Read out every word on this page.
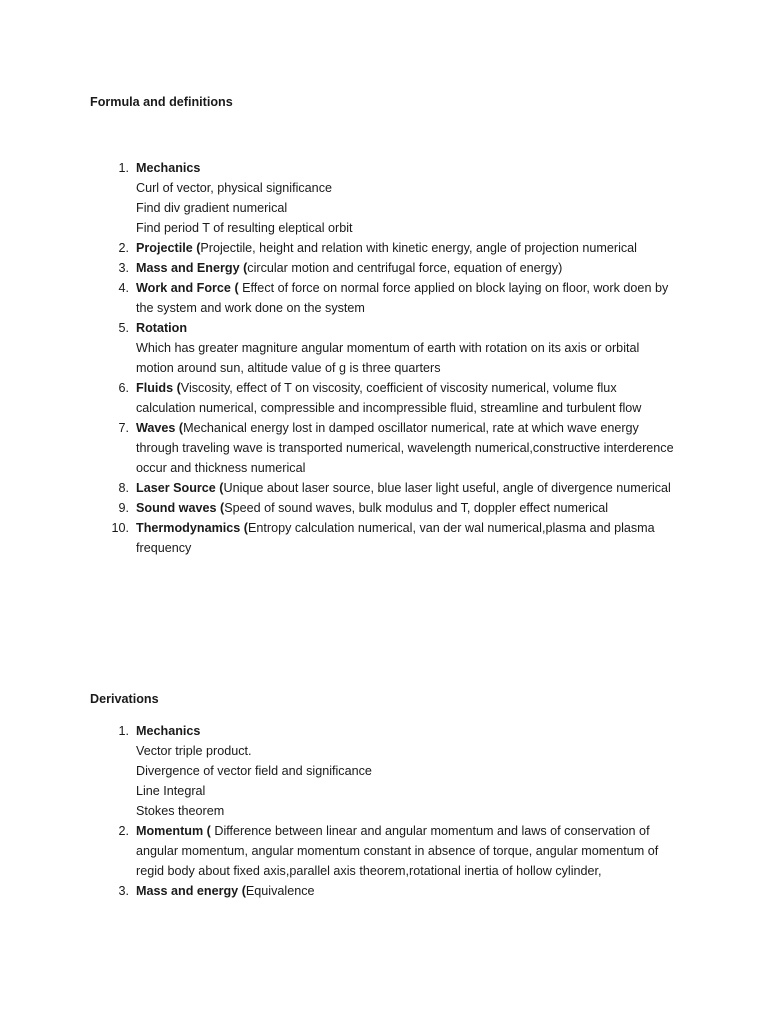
Formula and definitions
1. Mechanics
Curl of vector, physical significance
Find div gradient numerical
Find period T of resulting eleptical orbit
2. Projectile (Projectile, height and relation with kinetic energy, angle of projection numerical
3. Mass and Energy (circular motion and centrifugal force, equation of energy)
4. Work and Force ( Effect of force on normal force applied on block laying on floor, work doen by the system and work done on the system
5. Rotation
Which has greater magniture angular momentum of earth with rotation on its axis or orbital motion around sun, altitude value of g is three quarters
6. Fluids (Viscosity, effect of T on viscosity, coefficient of viscosity numerical, volume flux calculation numerical, compressible and incompressible fluid, streamline and turbulent flow
7. Waves (Mechanical energy lost in damped oscillator numerical, rate at which wave energy through traveling wave is transported numerical, wavelength numerical,constructive interderence occur and thickness numerical
8. Laser Source (Unique about laser source, blue laser light useful, angle of divergence numerical
9. Sound waves (Speed of sound waves, bulk modulus and T, doppler effect numerical
10. Thermodynamics (Entropy calculation numerical, van der wal numerical,plasma and plasma frequency
Derivations
1. Mechanics
Vector triple product.
Divergence of vector field and significance
Line Integral
Stokes theorem
2. Momentum ( Difference between linear and angular momentum and laws of conservation of angular momentum, angular momentum constant in absence of torque, angular momentum of regid body about fixed axis,parallel axis theorem,rotational inertia of hollow cylinder,
3. Mass and energy (Equivalence
